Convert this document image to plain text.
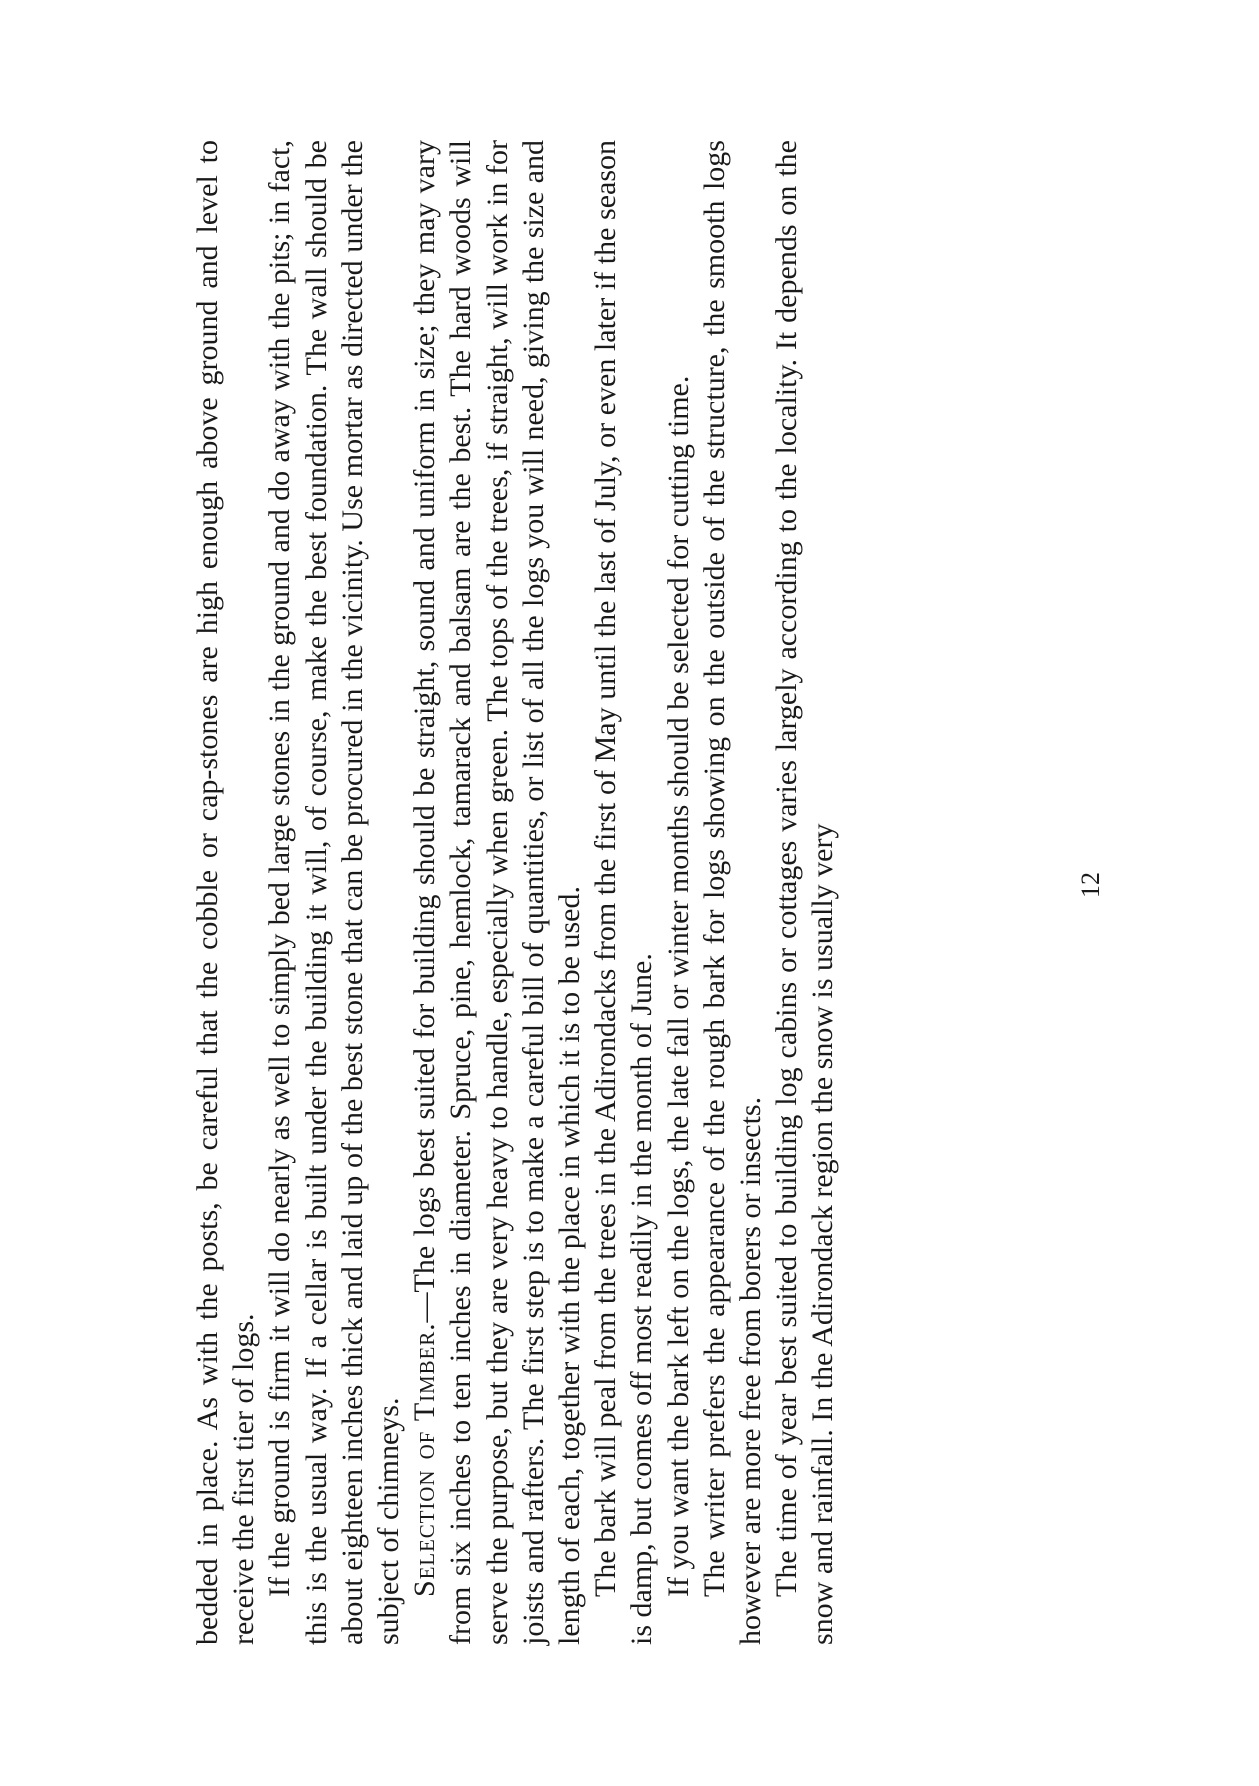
bedded in place. As with the posts, be careful that the cobble or cap-stones are high enough above ground and level to receive the first tier of logs. If the ground is firm it will do nearly as well to simply bed large stones in the ground and do away with the pits; in fact, this is the usual way. If a cellar is built under the building it will, of course, make the best foundation. The wall should be about eighteen inches thick and laid up of the best stone that can be procured in the vicinity. Use mortar as directed under the subject of chimneys. Selection of Timber.—The logs best suited for building should be straight, sound and uniform in size; they may vary from six inches to ten inches in diameter. Spruce, pine, hemlock, tamarack and balsam are the best. The hard woods will serve the purpose, but they are very heavy to handle, especially when green. The tops of the trees, if straight, will work in for joists and rafters. The first step is to make a careful bill of quantities, or list of all the logs you will need, giving the size and length of each, together with the place in which it is to be used. The bark will peal from the trees in the Adirondacks from the first of May until the last of July, or even later if the season is damp, but comes off most readily in the month of June. If you want the bark left on the logs, the late fall or winter months should be selected for cutting time. The writer prefers the appearance of the rough bark for logs showing on the outside of the structure, the smooth logs however are more free from borers or insects. The time of year best suited to building log cabins or cottages varies largely according to the locality. It depends on the snow and rainfall. In the Adirondack region the snow is usually very	12
